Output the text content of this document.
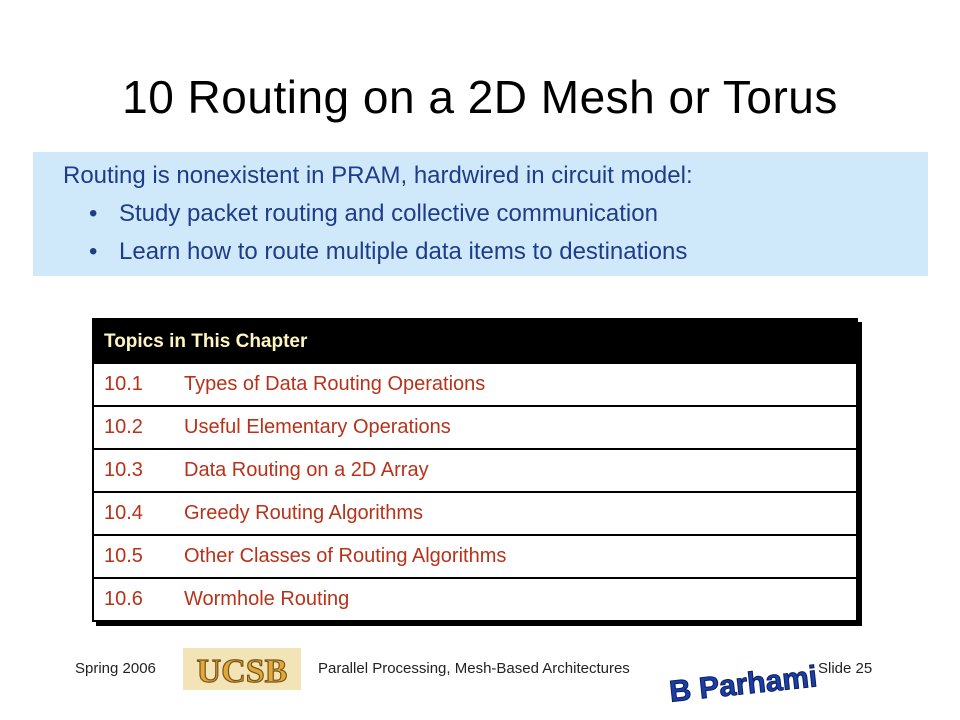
10 Routing on a 2D Mesh or Torus
Routing is nonexistent in PRAM, hardwired in circuit model:
• Study packet routing and collective communication
• Learn how to route multiple data items to destinations
Topics in This Chapter
10.1 Types of Data Routing Operations
10.2 Useful Elementary Operations
10.3 Data Routing on a 2D Array
10.4 Greedy Routing Algorithms
10.5 Other Classes of Routing Algorithms
10.6 Wormhole Routing
Spring 2006 UCSB Parallel Processing, Mesh-Based Architectures B Parhami Slide 25
